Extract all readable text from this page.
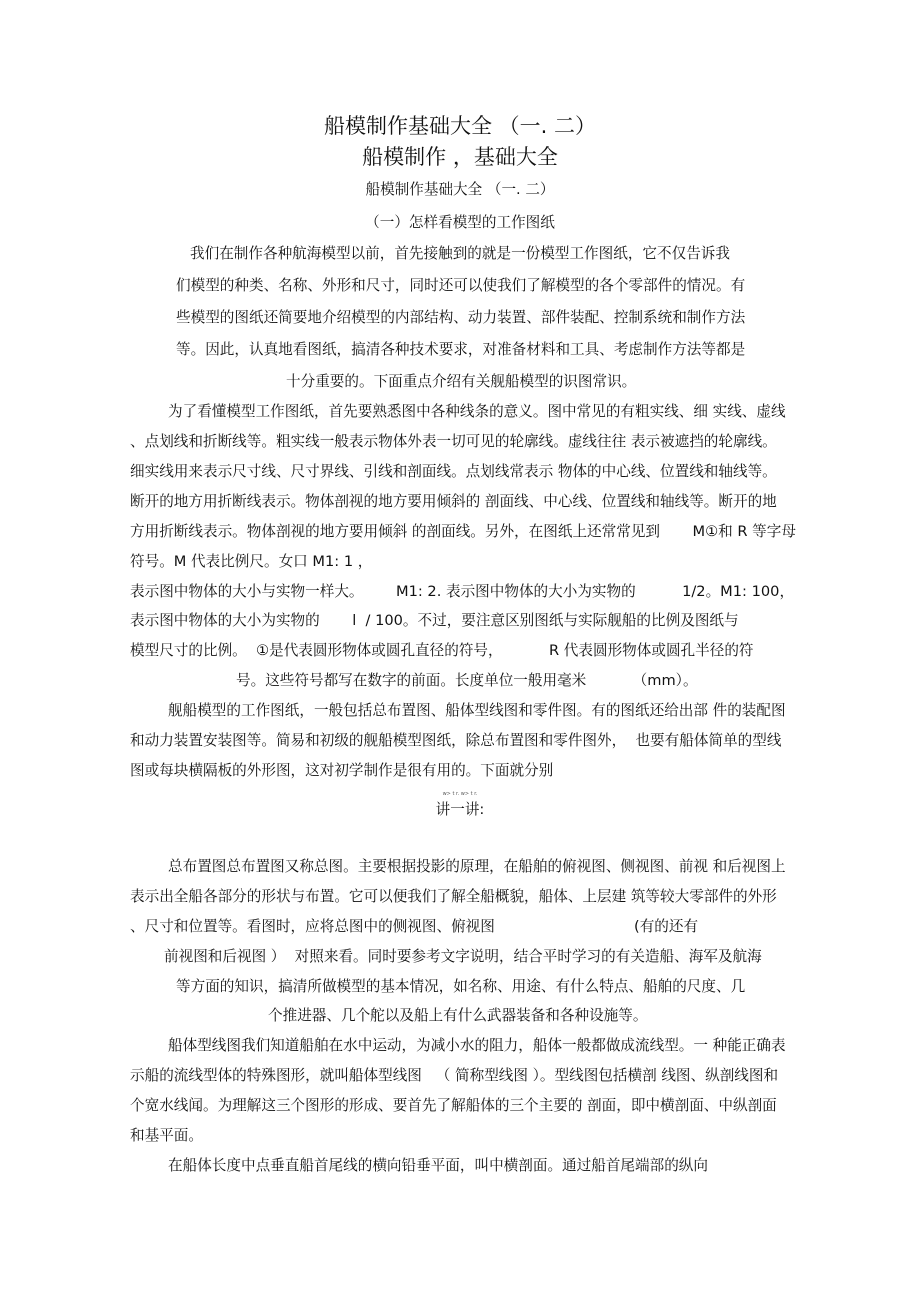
船模制作基础大全 （一. 二）
船模制作 ，基础大全
船模制作基础大全 （一. 二）
（一）怎样看模型的工作图纸
我们在制作各种航海模型以前，首先接触到的就是一份模型工作图纸，它不仅告诉我
们模型的种类、名称、外形和尺寸，同时还可以使我们了解模型的各个零部件的情况。有
些模型的图纸还简要地介绍模型的内部结构、动力装置、部件装配、控制系统和制作方法
等。因此，认真地看图纸，搞清各种技术要求，对准备材料和工具、考虑制作方法等都是
十分重要的。下面重点介绍有关舰船模型的识图常识。
为了看懂模型工作图纸，首先要熟悉图中各种线条的意义。图中常见的有粗实线、细 实线、虚线
、点划线和折断线等。粗实线一般表示物体外表一切可见的轮廓线。虚线往往 表示被遮挡的轮廓线。
细实线用来表示尺寸线、尺寸界线、引线和剖面线。点划线常表示 物体的中心线、位置线和轴线等。
断开的地方用折断线表示。物体剖视的地方要用倾斜的 剖面线、中心线、位置线和轴线等。断开的地
方用折断线表示。物体剖视的地方要用倾斜 的剖面线。另外，在图纸上还常常见到       M①和 R 等字母
符号。M 代表比例尺。女口 M1: 1 ，
表示图中物体的大小与实物一样大。       M1: 2. 表示图中物体的大小为实物的          1/2。M1: 100，
表示图中物体的大小为实物的       l  / 100。不过，要注意区别图纸与实际舰船的比例及图纸与
模型尺寸的比例。  ①是代表圆形物体或圆孔直径的符号，          R 代表圆形物体或圆孔半径的符
号。这些符号都写在数字的前面。长度单位一般用毫米          （mm）。
舰船模型的工作图纸，一般包括总布置图、船体型线图和零件图。有的图纸还给出部 件的装配图
和动力装置安装图等。简易和初级的舰船模型图纸，除总布置图和零件图外，  也要有船体简单的型线
图或每块横隔板的外形图，这对初学制作是很有用的。下面就分别
w> t r. w> t r.
讲一讲:
总布置图总布置图又称总图。主要根据投影的原理，在船舶的俯视图、侧视图、前视 和后视图上
表示出全船各部分的形状与布置。它可以便我们了解全船概貌，船体、上层建 筑等较大零部件的外形
、尺寸和位置等。看图时，应将总图中的侧视图、俯视图                              (有的还有
前视图和后视图 ）  对照来看。同时要参考文字说明，结合平时学习的有关造船、海军及航海
等方面的知识，搞清所做模型的基本情况，如名称、用途、有什么特点、船舶的尺度、几
个推进器、几个舵以及船上有什么武器装备和各种设施等。
船体型线图我们知道船舶在水中运动，为减小水的阻力，船体一般都做成流线型。一 种能正确表
示船的流线型体的特殊图形，就叫船体型线图   （ 简称型线图 ）。型线图包括横剖 线图、纵剖线图和
个宽水线闻。为理解这三个图形的形成、要首先了解船体的三个主要的 剖面，即中横剖面、中纵剖面
和基平面。
在船体长度中点垂直船首尾线的横向铅垂平面，叫中横剖面。通过船首尾端部的纵向
